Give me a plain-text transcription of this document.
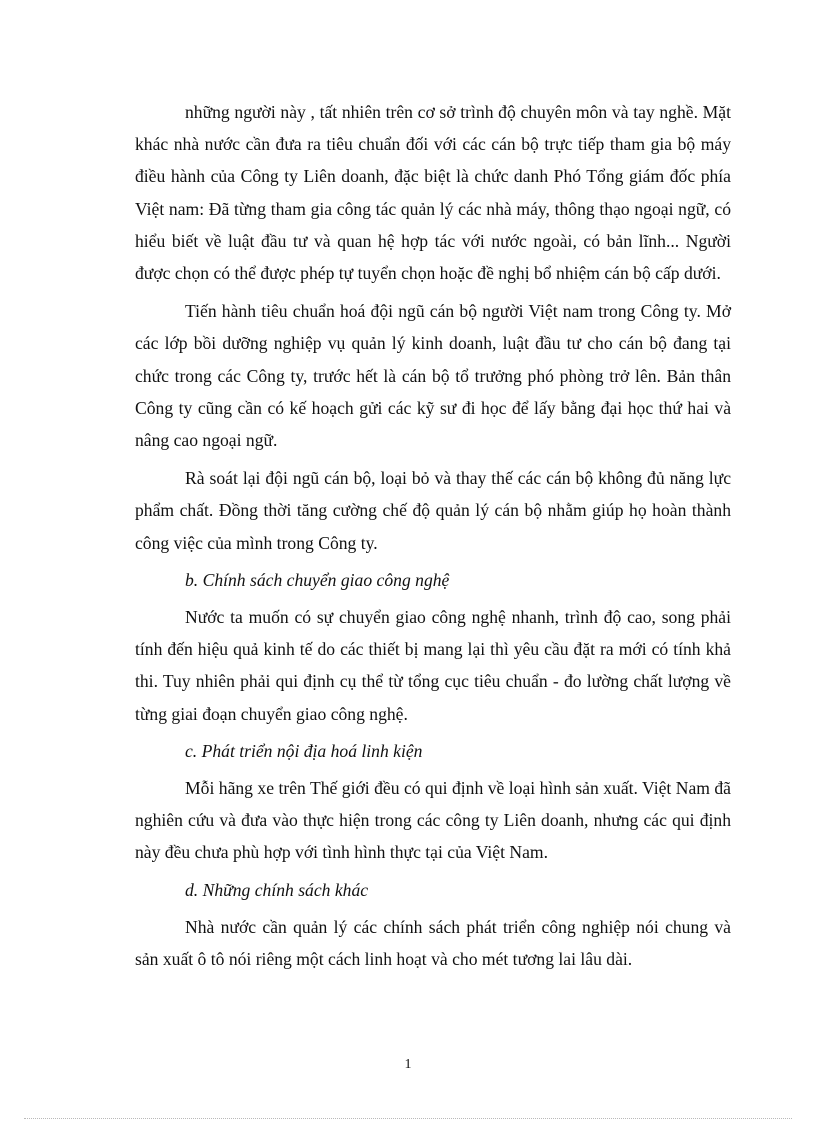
những người này , tất nhiên trên cơ sở trình độ chuyên môn và tay nghề. Mặt khác nhà nước cần đưa ra tiêu chuẩn đối với các cán bộ trực tiếp tham gia bộ máy điều hành của Công ty Liên doanh, đặc biệt là chức danh Phó Tổng giám đốc phía Việt nam: Đã từng tham gia công tác quản lý các nhà máy, thông thạo ngoại ngữ, có hiểu biết về luật đầu tư và quan hệ hợp tác với nước ngoài, có bản lĩnh... Người được chọn có thể được phép tự tuyển chọn hoặc đề nghị bổ nhiệm cán bộ cấp dưới.

Tiến hành tiêu chuẩn hoá đội ngũ cán bộ người Việt nam trong Công ty. Mở các lớp bồi dưỡng nghiệp vụ quản lý kinh doanh, luật đầu tư cho cán bộ đang tại chức trong các Công ty, trước hết là cán bộ tổ trưởng phó phòng trở lên. Bản thân Công ty cũng cần có kế hoạch gửi các kỹ sư đi học để lấy bằng đại học thứ hai và nâng cao ngoại ngữ.

Rà soát lại đội ngũ cán bộ, loại bỏ và thay thế các cán bộ không đủ năng lực phẩm chất. Đồng thời tăng cường chế độ quản lý cán bộ nhằm giúp họ hoàn thành công việc của mình trong Công ty.

b. Chính sách chuyển giao công nghệ

Nước ta muốn có sự chuyển giao công nghệ nhanh, trình độ cao, song phải tính đến hiệu quả kinh tế do các thiết bị mang lại thì yêu cầu đặt ra mới có tính khả thi. Tuy nhiên phải qui định cụ thể từ tổng cục tiêu chuẩn - đo lường chất lượng về từng giai đoạn chuyển giao công nghệ.

c. Phát triển nội địa hoá linh kiện

Mỗi hãng xe trên Thế giới đều có qui định về loại hình sản xuất. Việt Nam đã nghiên cứu và đưa vào thực hiện trong các công ty Liên doanh, nhưng các qui định này đều chưa phù hợp với tình hình thực tại của Việt Nam.

d. Những chính sách khác

Nhà nước cần quản lý các chính sách phát triển công nghiệp nói chung và sản xuất ô tô nói riêng một cách linh hoạt và cho mét tương lai lâu dài.

1
